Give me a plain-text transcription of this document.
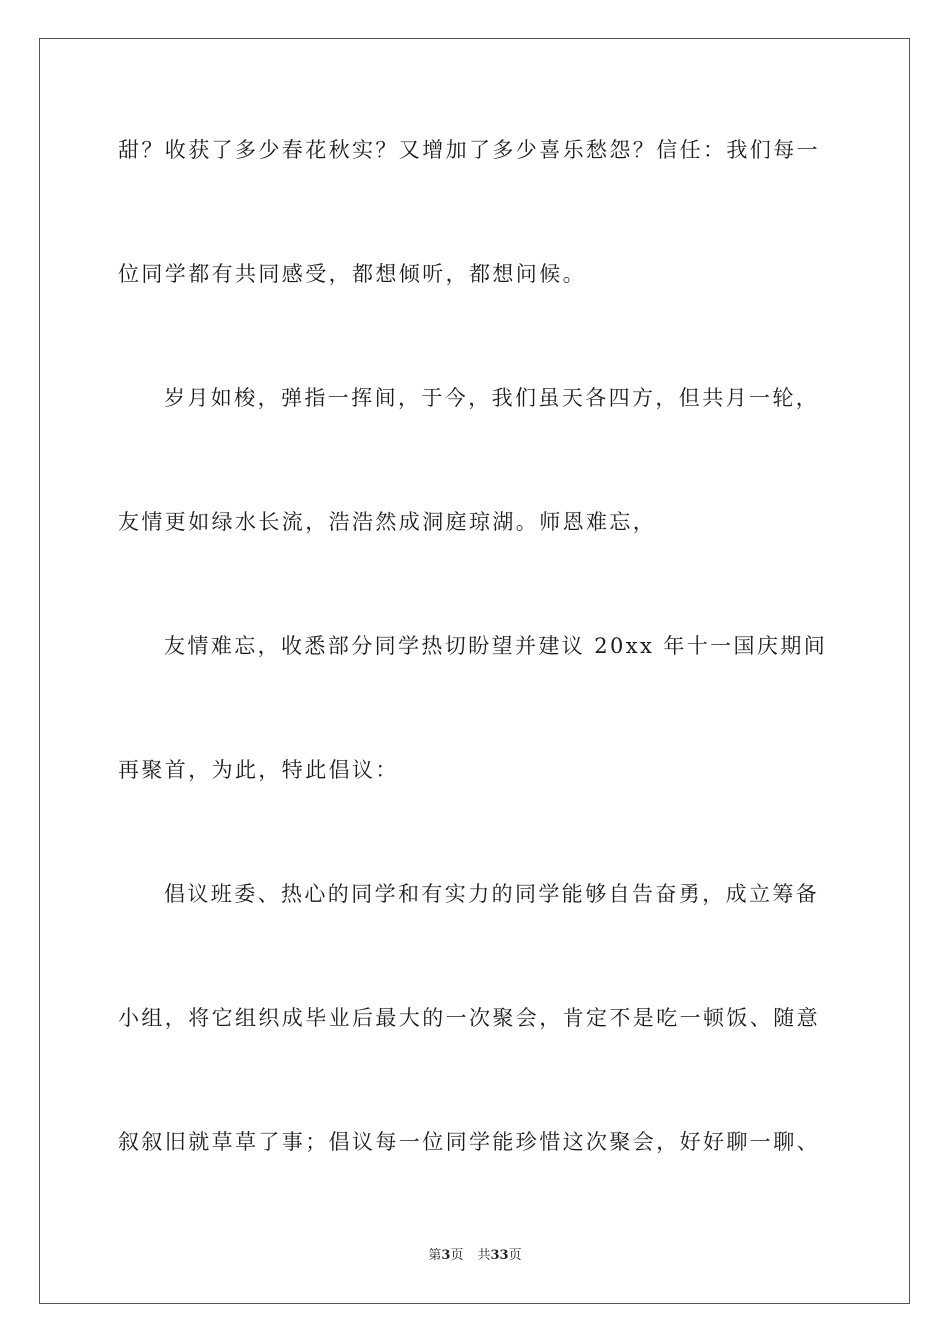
甜？收获了多少春花秋实？又增加了多少喜乐愁怨？信任：我们每一
位同学都有共同感受，都想倾听，都想问候。
岁月如梭，弹指一挥间，于今，我们虽天各四方，但共月一轮，
友情更如绿水长流，浩浩然成洞庭琼湖。师恩难忘，
友情难忘，收悉部分同学热切盼望并建议 20xx 年十一国庆期间
再聚首，为此，特此倡议：
倡议班委、热心的同学和有实力的同学能够自告奋勇，成立筹备
小组，将它组织成毕业后最大的一次聚会，肯定不是吃一顿饭、随意
叙叙旧就草草了事；倡议每一位同学能珍惜这次聚会，好好聊一聊、
第3页 共33页
